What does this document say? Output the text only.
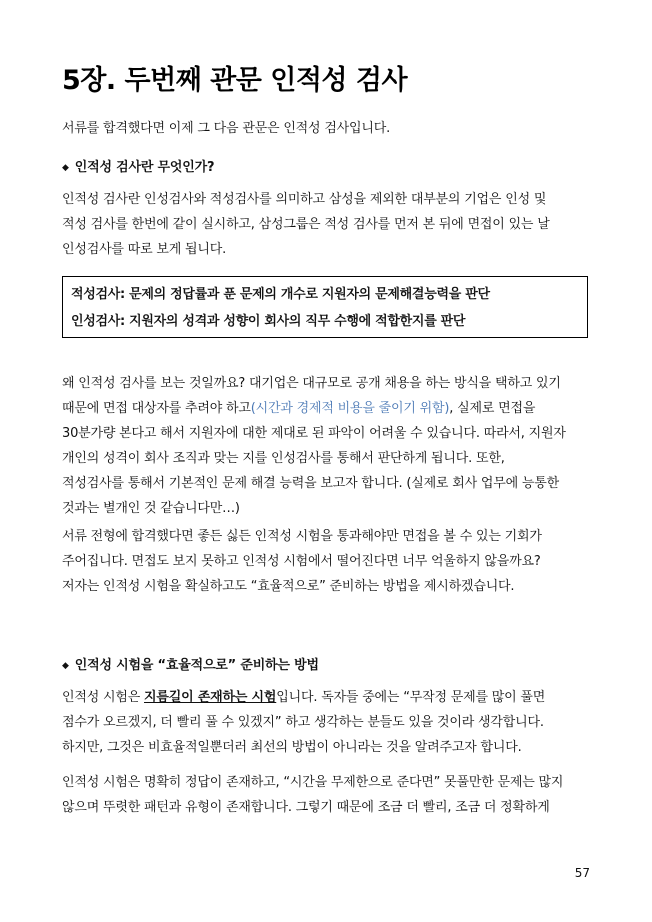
5장. 두번째 관문 인적성 검사

서류를 합격했다면 이제 그 다음 관문은 인적성 검사입니다.

◆ 인적성 검사란 무엇인가?

인적성 검사란 인성검사와 적성검사를 의미하고 삼성을 제외한 대부분의 기업은 인성 및
적성 검사를 한번에 같이 실시하고, 삼성그룹은 적성 검사를 먼저 본 뒤에 면접이 있는 날
인성검사를 따로 보게 됩니다.

적성검사: 문제의 정답률과 푼 문제의 개수로 지원자의 문제해결능력을 판단
인성검사: 지원자의 성격과 성향이 회사의 직무 수행에 적합한지를 판단

왜 인적성 검사를 보는 것일까요? 대기업은 대규모로 공개 채용을 하는 방식을 택하고 있기
때문에 면접 대상자를 추려야 하고(시간과 경제적 비용을 줄이기 위함), 실제로 면접을
30분가량 본다고 해서 지원자에 대한 제대로 된 파악이 어려울 수 있습니다. 따라서, 지원자
개인의 성격이 회사 조직과 맞는 지를 인성검사를 통해서 판단하게 됩니다. 또한,
적성검사를 통해서 기본적인 문제 해결 능력을 보고자 합니다. (실제로 회사 업무에 능통한
것과는 별개인 것 같습니다만…)

서류 전형에 합격했다면 좋든 싫든 인적성 시험을 통과해야만 면접을 볼 수 있는 기회가
주어집니다. 면접도 보지 못하고 인적성 시험에서 떨어진다면 너무 억울하지 않을까요?
저자는 인적성 시험을 확실하고도 “효율적으로” 준비하는 방법을 제시하겠습니다.

◆ 인적성 시험을 “효율적으로” 준비하는 방법

인적성 시험은 지름길이 존재하는 시험입니다. 독자들 중에는 “무작정 문제를 많이 풀면
점수가 오르겠지, 더 빨리 풀 수 있겠지” 하고 생각하는 분들도 있을 것이라 생각합니다.
하지만, 그것은 비효율적일뿐더러 최선의 방법이 아니라는 것을 알려주고자 합니다.

인적성 시험은 명확히 정답이 존재하고, “시간을 무제한으로 준다면” 못풀만한 문제는 많지
않으며 뚜렷한 패턴과 유형이 존재합니다. 그렇기 때문에 조금 더 빨리, 조금 더 정확하게

57
